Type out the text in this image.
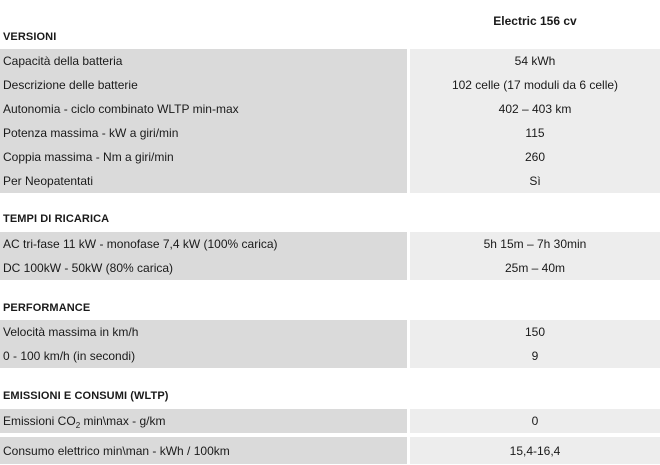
Electric 156 cv
VERSIONI
Capacità della batteria	54 kWh
Descrizione delle batterie	102 celle (17 moduli da 6 celle)
Autonomia - ciclo combinato WLTP min-max	402 – 403 km
Potenza massima - kW a giri/min	115
Coppia massima - Nm a giri/min	260
Per Neopatentati	Sì
TEMPI DI RICARICA
AC tri-fase 11 kW - monofase 7,4 kW (100% carica)	5h 15m – 7h 30min
DC 100kW - 50kW (80% carica)	25m – 40m
PERFORMANCE
Velocità massima in km/h	150
0 - 100 km/h (in secondi)	9
EMISSIONI E CONSUMI (WLTP)
Emissioni $CO_2$ min\max - g/km	0
Consumo elettrico min\man - kWh / 100km	15,4-16,4
